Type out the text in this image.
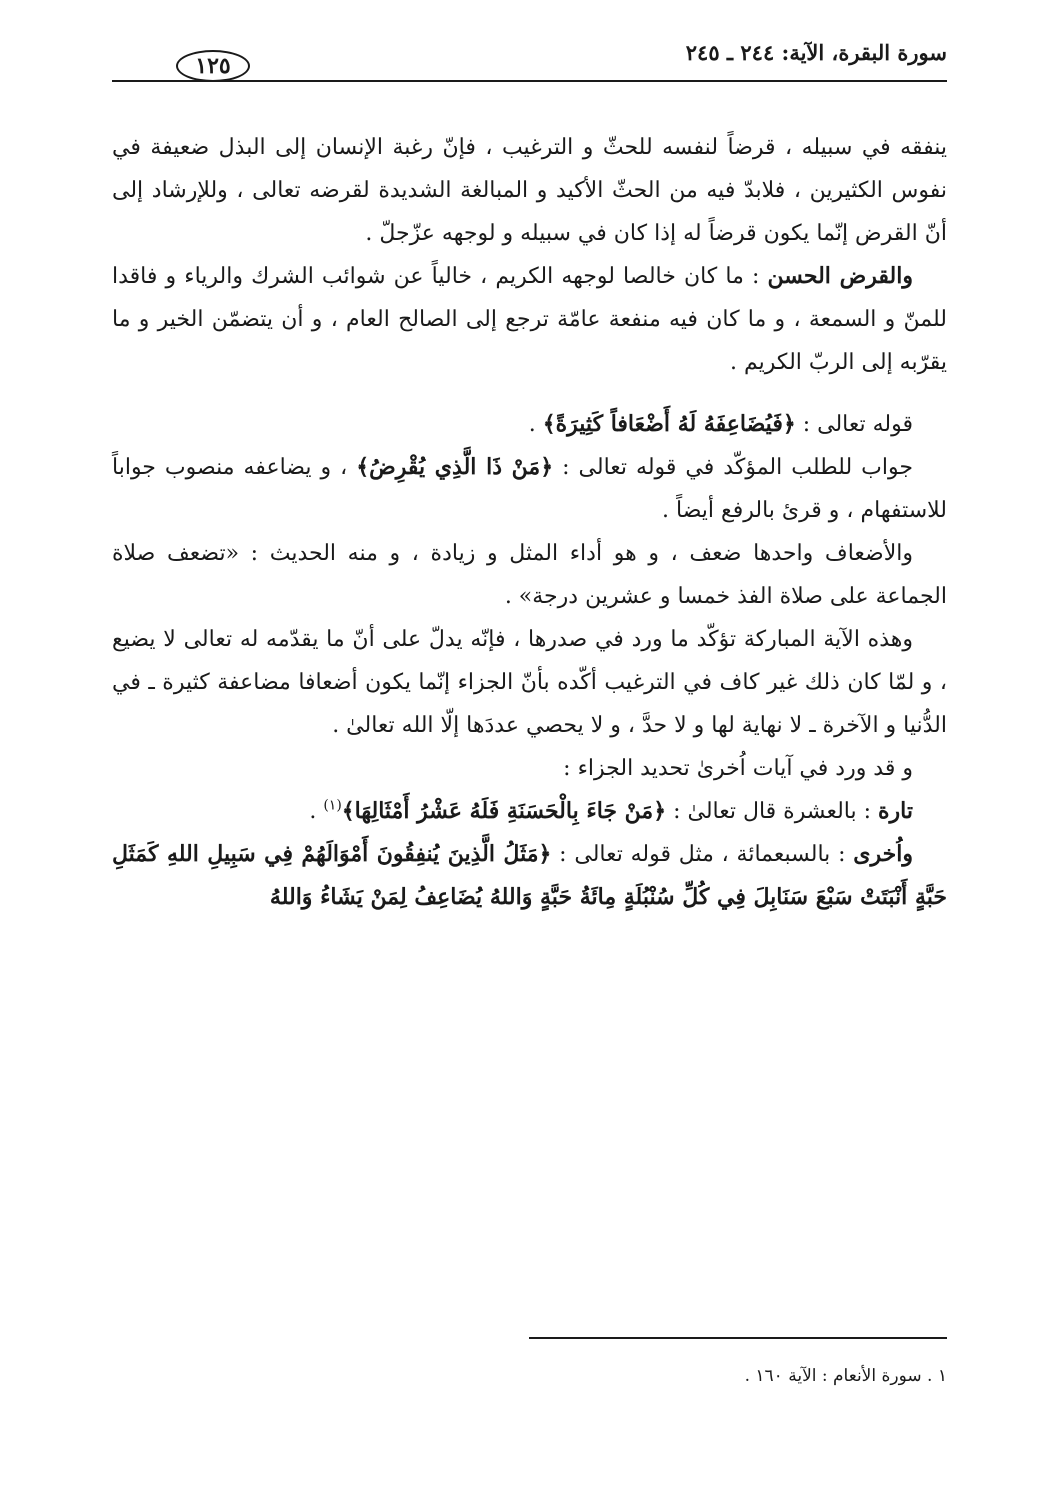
سورة البقرة، الآية: ٢٤٤ ـ ٢٤٥
١٢٥

ينفقه في سبيله ، قرضاً لنفسه للحثّ و الترغيب ، فإنّ رغبة الإنسان إلى البذل ضعيفة في نفوس الكثيرين ، فلابدّ فيه من الحثّ الأكيد و المبالغة الشديدة لقرضه تعالى ، وللإرشاد إلى أنّ القرض إنّما يكون قرضاً له إذا كان في سبيله و لوجهه عزّجلّ .

والقرض الحسن : ما كان خالصا لوجهه الكريم ، خالياً عن شوائب الشرك والرياء و فاقدا للمنّ و السمعة ، و ما كان فيه منفعة عامّة ترجع إلى الصالح العام ، و أن يتضمّن الخير و ما يقرّبه إلى الربّ الكريم .

قوله تعالى : ﴿فَيُضَاعِفَهُ لَهُ أَضْعَافاً كَثِيرَةً﴾ .

جواب للطلب المؤكّد في قوله تعالى : ﴿مَنْ ذَا الَّذِي يُقْرِضُ﴾ ، و يضاعفه منصوب جواباً للاستفهام ، و قرئ بالرفع أيضاً .

والأضعاف واحدها ضعف ، و هو أداء المثل و زيادة ، و منه الحديث : «تضعف صلاة الجماعة على صلاة الفذ خمسا و عشرين درجة» .

وهذه الآية المباركة تؤكّد ما ورد في صدرها ، فإنّه يدلّ على أنّ ما يقدّمه له تعالى لا يضيع ، و لمّا كان ذلك غير كاف في الترغيب أكّده بأنّ الجزاء إنّما يكون أضعافا مضاعفة كثيرة ـ في الدُّنيا و الآخرة ـ لا نهاية لها و لا حدَّ ، و لا يحصي عددَها إلّا الله تعالىٰ .

و قد ورد في آيات اُخرىٰ تحديد الجزاء :

تارة : بالعشرة قال تعالىٰ : ﴿مَنْ جَاءَ بِالْحَسَنَةِ فَلَهُ عَشْرُ أَمْثَالِهَا﴾$^{(١)}$ .

واُخرى : بالسبعمائة ، مثل قوله تعالى : ﴿مَثَلُ الَّذِينَ يُنفِقُونَ أَمْوَالَهُمْ فِي سَبِيلِ اللهِ كَمَثَلِ حَبَّةٍ أَنْبَتَتْ سَبْعَ سَنَابِلَ فِي كُلِّ سُنْبُلَةٍ مِائَةُ حَبَّةٍ وَاللهُ يُضَاعِفُ لِمَنْ يَشَاءُ وَاللهُ

١ . سورة الأنعام : الآية ١٦٠ .
